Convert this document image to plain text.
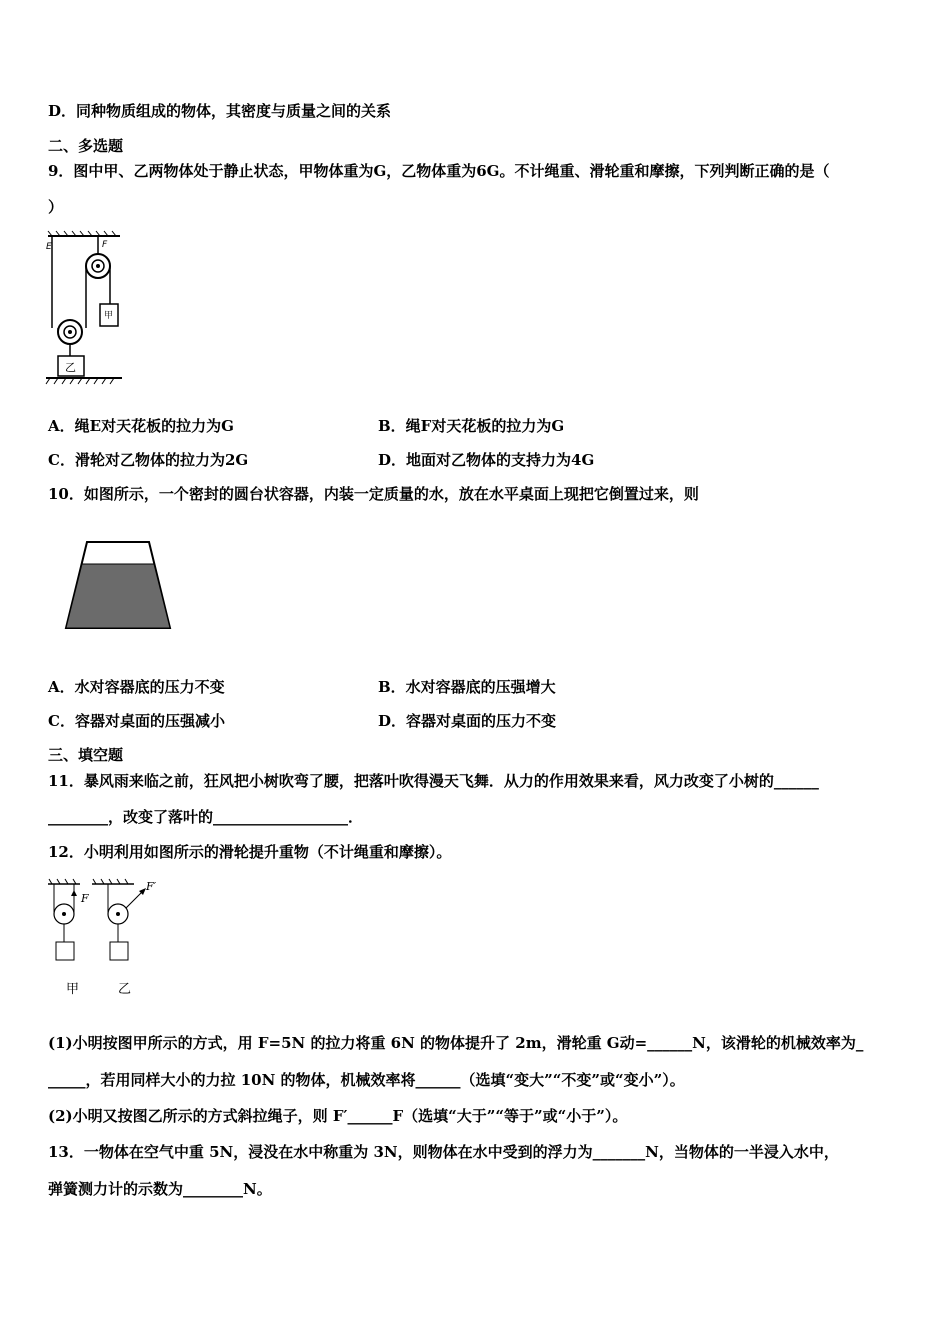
D．同种物质组成的物体，其密度与质量之间的关系
二、多选题
9．图中甲、乙两物体处于静止状态，甲物体重为G，乙物体重为6G。不计绳重、滑轮重和摩擦，下列判断正确的是（
）
E	F
甲
乙
A．绳E对天花板的拉力为G	B．绳F对天花板的拉力为G
C．滑轮对乙物体的拉力为2G	D．地面对乙物体的支持力为4G
10．如图所示，一个密封的圆台状容器，内装一定质量的水，放在水平桌面上现把它倒置过来，则
A．水对容器底的压力不变	B．水对容器底的压强增大
C．容器对桌面的压强减小	D．容器对桌面的压力不变
三、填空题
11．暴风雨来临之前，狂风把小树吹弯了腰，把落叶吹得漫天飞舞．从力的作用效果来看，风力改变了小树的______
________，改变了落叶的__________________．
12．小明利用如图所示的滑轮提升重物（不计绳重和摩擦）。
F
F′
甲	乙
(1)小明按图甲所示的方式，用 F=5N 的拉力将重 6N 的物体提升了 2m，滑轮重 G动=______N，该滑轮的机械效率为_
_____，若用同样大小的力拉 10N 的物体，机械效率将______（选填“变大”“不变”或“变小”）。
(2)小明又按图乙所示的方式斜拉绳子，则 F′______F（选填“大于”“等于”或“小于”）。
13．一物体在空气中重 5N，浸没在水中称重为 3N，则物体在水中受到的浮力为_______N，当物体的一半浸入水中，
弹簧测力计的示数为________N。
